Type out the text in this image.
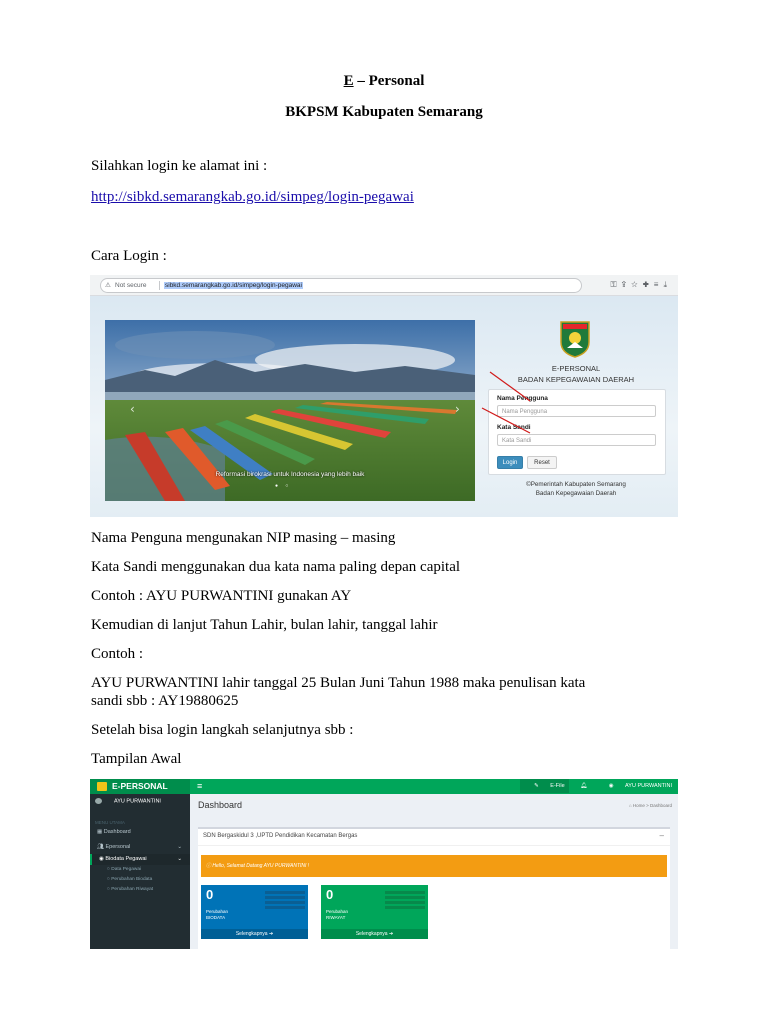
E – Personal
BKPSM Kabupaten Semarang
Silahkan login ke alamat ini :
http://sibkd.semarangkab.go.id/simpeg/login-pegawai
Cara Login :
⚠ Not secure	sibkd.semarangkab.go.id/simpeg/login-pegawai	⚿⇪☆✚≡⤓
‹	›
Reformasi birokrasi untuk Indonesia yang lebih baik
● ○
E-PERSONAL
BADAN KEPEGAWAIAN DAERAH
Nama Pengguna
Nama Pengguna
Kata Sandi
Kata Sandi
Login	Reset
©Pemerintah Kabupaten Semarang
Badan Kepegawaian Daerah
Nama Penguna mengunakan NIP masing – masing
Kata Sandi menggunakan dua kata nama paling depan capital
Contoh : AYU PURWANTINI gunakan AY
Kemudian di lanjut Tahun Lahir, bulan lahir, tanggal lahir
Contoh :
AYU PURWANTINI lahir tanggal 25 Bulan Juni Tahun 1988 maka penulisan kata
sandi sbb : AY19880625
Setelah bisa login langkah selanjutnya sbb :
Tampilan Awal
E-PERSONAL	≡	✎ E-File	🔔︎	◉ AYU PURWANTINI
AYU PURWANTINI
MENU UTAMA
▦ Dashboard
👥︎ Epersonal	⌄
◉ Biodata Pegawai	⌄
○ Data Pegawai
○ Perubahan Biodata
○ Perubahan Riwayat
Dashboard	⌂ Home > Dashboard
SDN Bergaskidul 3 ,UPTD Pendidikan Kecamatan Bergas	–
ⓘ Hello, Selamat Datang AYU PURWANTINI !
0
Perubahan
BIODATA
Selengkapnya ➔
0
Perubahan
RIWAYAT
Selengkapnya ➔
